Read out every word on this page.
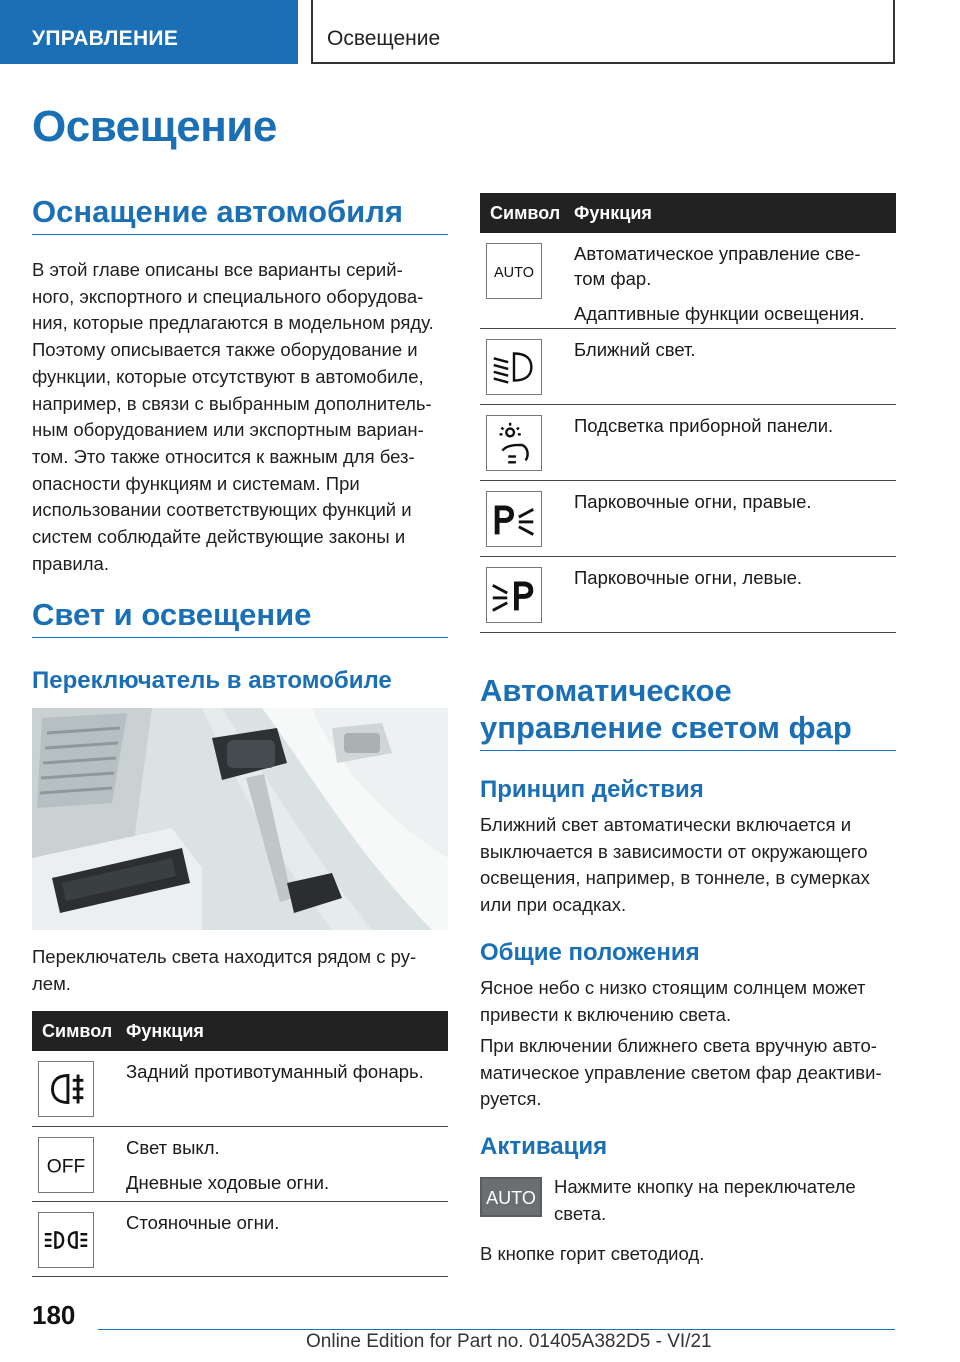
УПРАВЛЕНИЕ	Освещение
Освещение
Оснащение автомобиля
В этой главе описаны все варианты серий-
ного, экспортного и специального оборудова-
ния, которые предлагаются в модельном ряду.
Поэтому описывается также оборудование и
функции, которые отсутствуют в автомобиле,
например, в связи с выбранным дополнитель-
ным оборудованием или экспортным вариан-
том. Это также относится к важным для без-
опасности функциям и системам. При
использовании соответствующих функций и
систем соблюдайте действующие законы и
правила.
Свет и освещение
Переключатель в автомобиле
Переключатель света находится рядом с ру-
лем.
Символ	Функция

Задний противотуманный фонарь.

OFF	Свет выкл.
Дневные ходовые огни.

Стояночные огни.
Символ	Функция

AUTO	Автоматическое управление све-
том фар.
Адаптивные функции освещения.

Ближний свет.

Подсветка приборной панели.

Парковочные огни, правые.

Парковочные огни, левые.
Автоматическое управление светом фар
Принцип действия
Ближний свет автоматически включается и
выключается в зависимости от окружающего
освещения, например, в тоннеле, в сумерках
или при осадках.
Общие положения
Ясное небо с низко стоящим солнцем может
привести к включению света.
При включении ближнего света вручную авто-
матическое управление светом фар деактиви-
руется.
Активация
AUTO
Нажмите кнопку на переключателе
света.
В кнопке горит светодиод.
180
Online Edition for Part no. 01405A382D5 - VI/21
